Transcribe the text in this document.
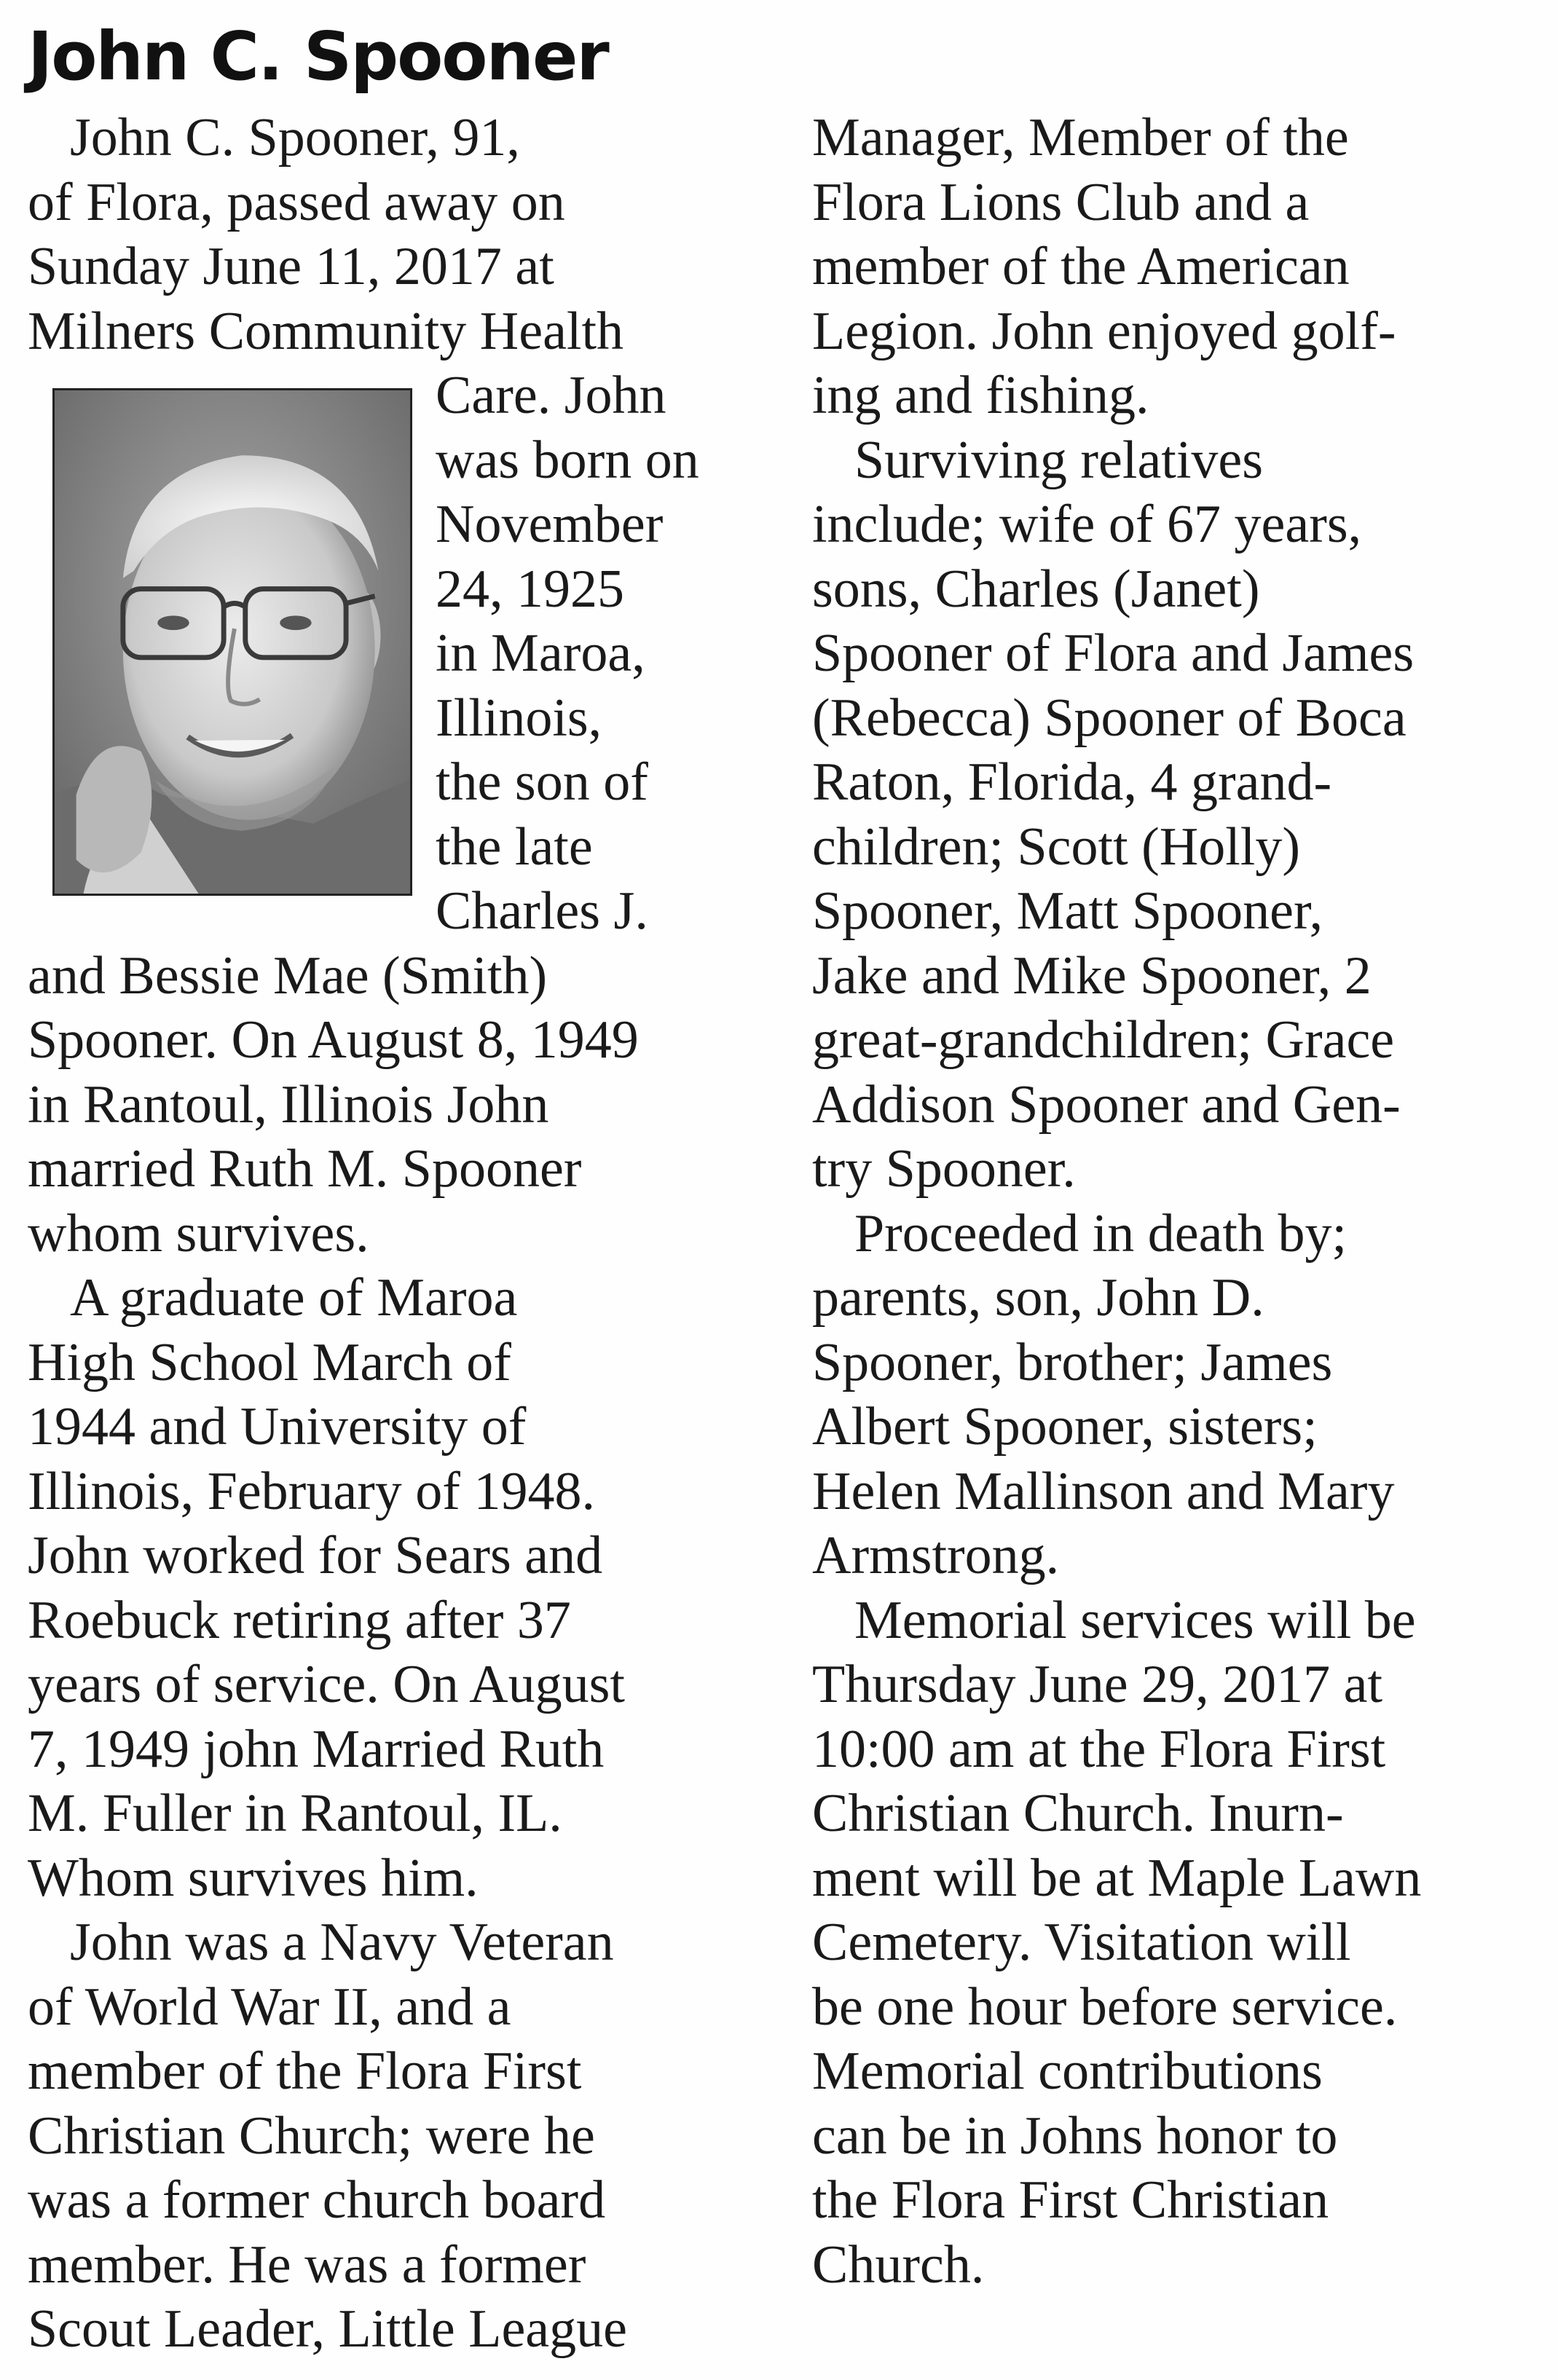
John C. Spooner
John C. Spooner, 91,
of Flora, passed away on
Sunday June 11, 2017 at
Milners Community Health
Care. John
was born on
November
24, 1925
in Maroa,
Illinois,
the son of
the late
Charles J.
and Bessie Mae (Smith)
Spooner. On August 8, 1949
in Rantoul, Illinois John
married Ruth M. Spooner
whom survives.
A graduate of Maroa
High School March of
1944 and University of
Illinois, February of 1948.
John worked for Sears and
Roebuck retiring after 37
years of service. On August
7, 1949 john Married Ruth
M. Fuller in Rantoul, IL.
Whom survives him.
John was a Navy Veteran
of World War II, and a
member of the Flora First
Christian Church; were he
was a former church board
member. He was a former
Scout Leader, Little League
Manager, Member of the
Flora Lions Club and a
member of the American
Legion. John enjoyed golf-
ing and fishing.
Surviving relatives
include; wife of 67 years,
sons, Charles (Janet)
Spooner of Flora and James
(Rebecca) Spooner of Boca
Raton, Florida, 4 grand-
children; Scott (Holly)
Spooner, Matt Spooner,
Jake and Mike Spooner, 2
great-grandchildren; Grace
Addison Spooner and Gen-
try Spooner.
Proceeded in death by;
parents, son, John D.
Spooner, brother; James
Albert Spooner, sisters;
Helen Mallinson and Mary
Armstrong.
Memorial services will be
Thursday June 29, 2017 at
10:00 am at the Flora First
Christian Church. Inurn-
ment will be at Maple Lawn
Cemetery. Visitation will
be one hour before service.
Memorial contributions
can be in Johns honor to
the Flora First Christian
Church.
